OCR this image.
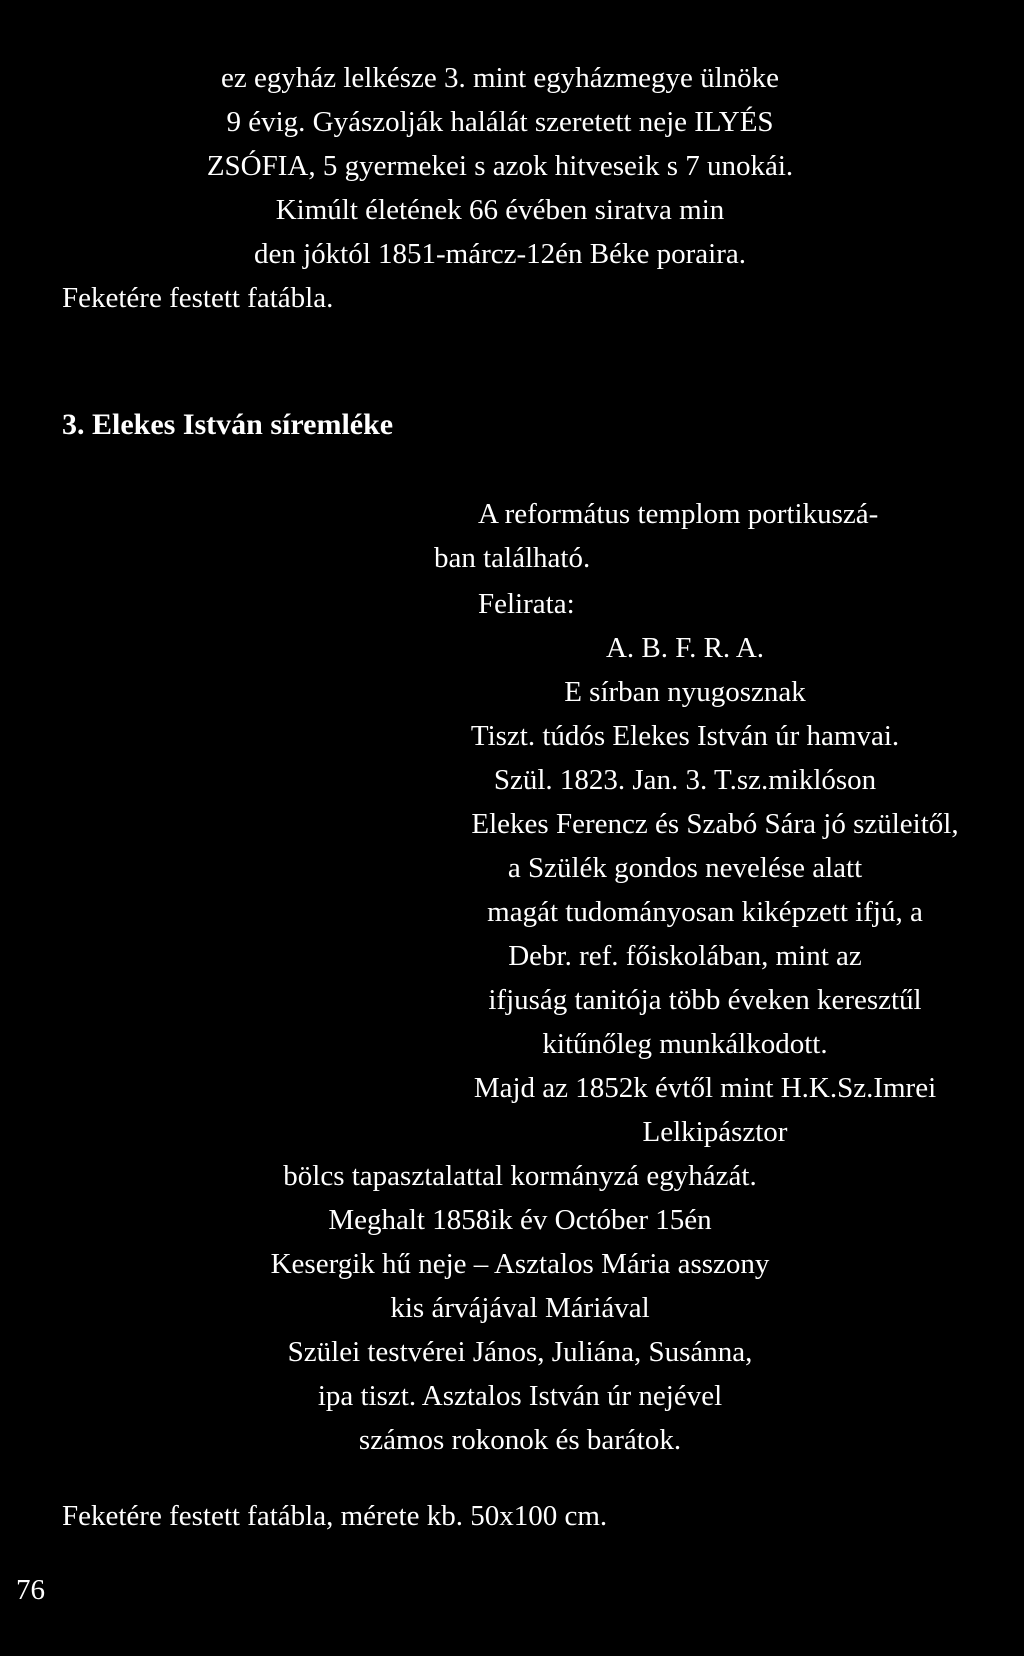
ez egyház lelkésze 3. mint egyházmegye ülnöke
9 évig. Gyászolják halálát szeretett neje ILYÉS
ZSÓFIA, 5 gyermekei s azok hitveseik s 7 unokái.
Kimúlt életének 66 évében siratva min
den jóktól 1851-márcz-12én Béke poraira.
Feketére festett fatábla.
3. Elekes István síremléke
A református templom portikuszá-
ban található.
Felirata:
A. B. F. R. A.
E sírban nyugosznak
Tiszt. túdós Elekes István úr hamvai.
Szül. 1823. Jan. 3. T.sz.miklóson
Elekes Ferencz és Szabó Sára jó szüleitől,
a Szülék gondos nevelése alatt
magát tudományosan kiképzett ifjú, a
Debr. ref. főiskolában, mint az
ifjuság tanitója több éveken keresztűl
kitűnőleg munkálkodott.
Majd az 1852k évtől mint H.K.Sz.Imrei
Lelkipásztor
bölcs tapasztalattal kormányzá egyházát.
Meghalt 1858ik év Octóber 15én
Kesergik hű neje – Asztalos Mária asszony
kis árvájával Máriával
Szülei testvérei János, Juliána, Susánna,
ipa tiszt. Asztalos István úr nejével
számos rokonok és barátok.
Feketére festett fatábla, mérete kb. 50x100 cm.
76
